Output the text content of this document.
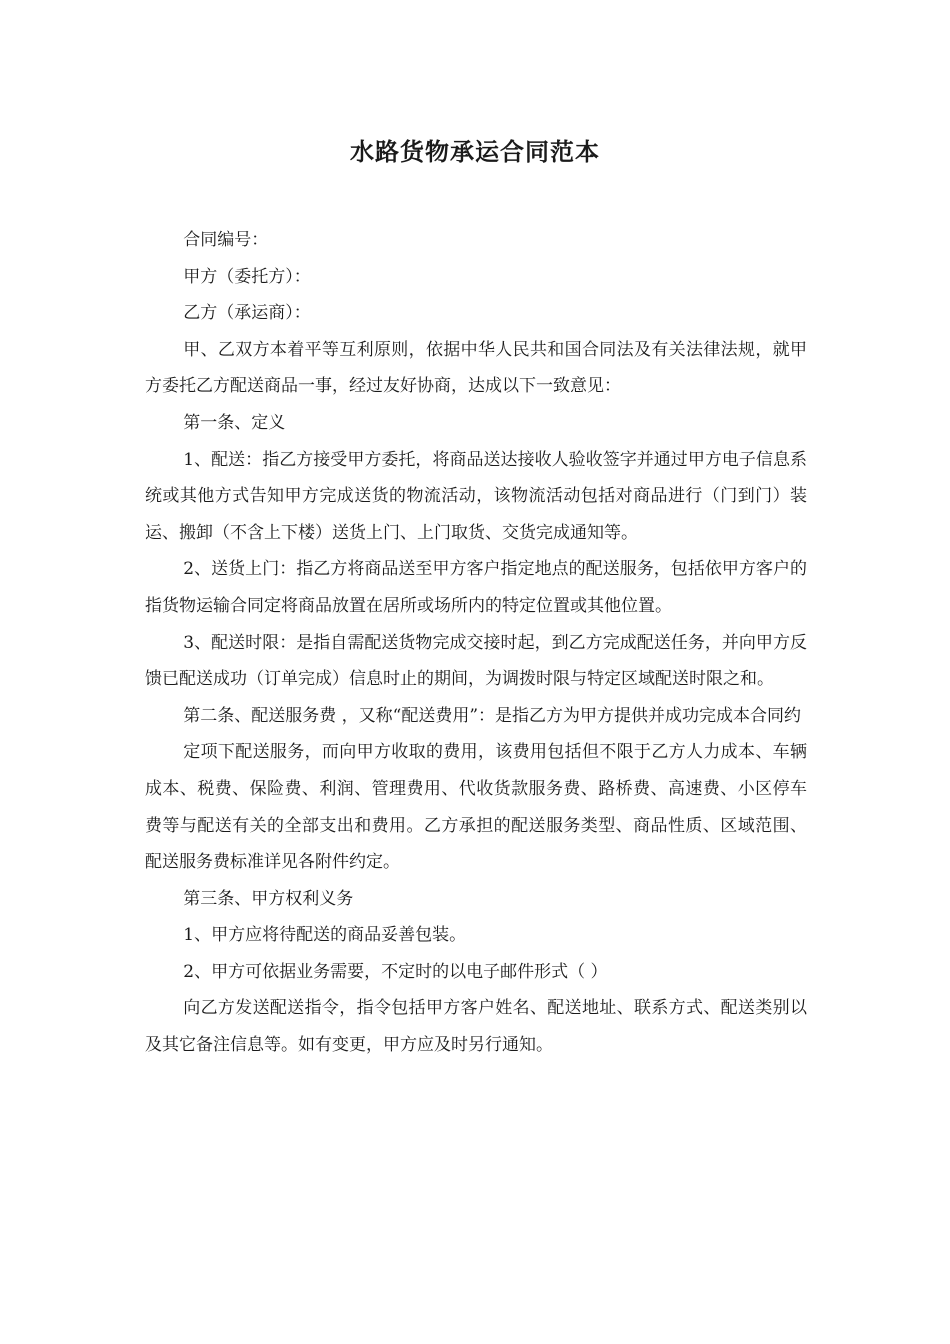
水路货物承运合同范本

合同编号：

甲方（委托方）：

乙方（承运商）：

甲、乙双方本着平等互利原则，依据中华人民共和国合同法及有关法律法规，就甲方委托乙方配送商品一事，经过友好协商，达成以下一致意见：

第一条、定义

1、配送：指乙方接受甲方委托，将商品送达接收人验收签字并通过甲方电子信息系统或其他方式告知甲方完成送货的物流活动，该物流活动包括对商品进行（门到门）装运、搬卸（不含上下楼）送货上门、上门取货、交货完成通知等。

2、送货上门：指乙方将商品送至甲方客户指定地点的配送服务，包括依甲方客户的指货物运输合同定将商品放置在居所或场所内的特定位置或其他位置。

3、配送时限：是指自需配送货物完成交接时起，到乙方完成配送任务，并向甲方反馈已配送成功（订单完成）信息时止的期间，为调拨时限与特定区域配送时限之和。

第二条、配送服务费 ，又称“配送费用”：是指乙方为甲方提供并成功完成本合同约

定项下配送服务，而向甲方收取的费用，该费用包括但不限于乙方人力成本、车辆成本、税费、保险费、利润、管理费用、代收货款服务费、路桥费、高速费、小区停车费等与配送有关的全部支出和费用。乙方承担的配送服务类型、商品性质、区域范围、配送服务费标准详见各附件约定。

第三条、甲方权利义务

1、甲方应将待配送的商品妥善包装。

2、甲方可依据业务需要，不定时的以电子邮件形式（ ）

向乙方发送配送指令，指令包括甲方客户姓名、配送地址、联系方式、配送类别以及其它备注信息等。如有变更，甲方应及时另行通知。
